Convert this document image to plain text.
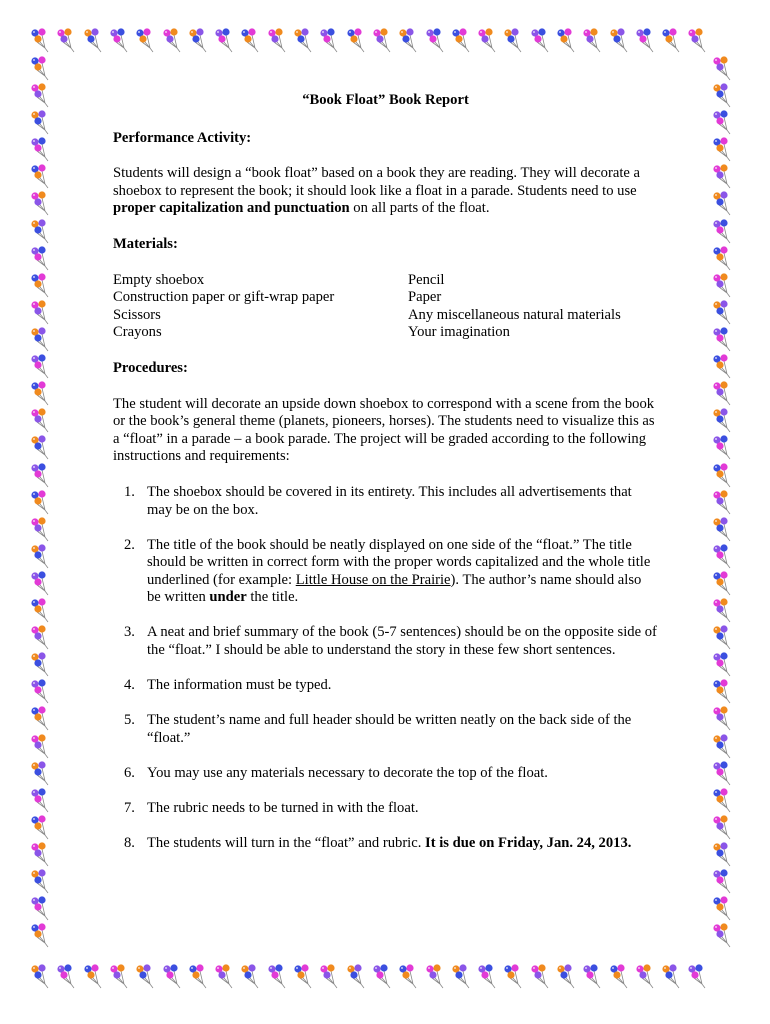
“Book Float” Book Report

Performance Activity:

Students will design a “book float” based on a book they are reading. They will decorate a shoebox to represent the book; it should look like a float in a parade. Students need to use proper capitalization and punctuation on all parts of the float.

Materials:

Empty shoebox
Construction paper or gift-wrap paper
Scissors
Crayons
Pencil
Paper
Any miscellaneous natural materials
Your imagination

Procedures:

The student will decorate an upside down shoebox to correspond with a scene from the book or the book’s general theme (planets, pioneers, horses). The students need to visualize this as a “float” in a parade – a book parade. The project will be graded according to the following instructions and requirements:

1. The shoebox should be covered in its entirety. This includes all advertisements that may be on the box.
2. The title of the book should be neatly displayed on one side of the “float.” The title should be written in correct form with the proper words capitalized and the whole title underlined (for example: Little House on the Prairie). The author’s name should also be written under the title.
3. A neat and brief summary of the book (5-7 sentences) should be on the opposite side of the “float.” I should be able to understand the story in these few short sentences.
4. The information must be typed.
5. The student’s name and full header should be written neatly on the back side of the “float.”
6. You may use any materials necessary to decorate the top of the float.
7. The rubric needs to be turned in with the float.
8. The students will turn in the “float” and rubric. It is due on Friday, Jan. 24, 2013.
